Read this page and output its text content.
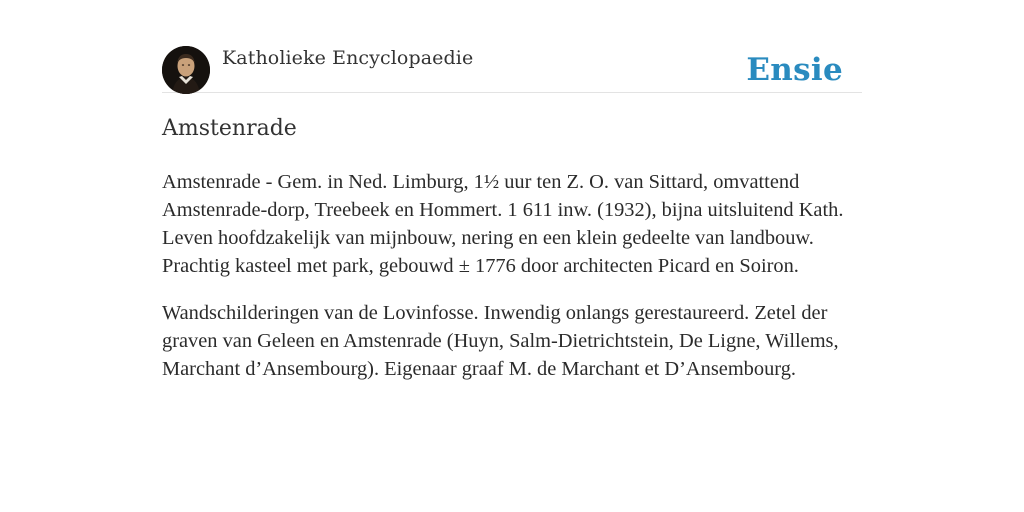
Katholieke Encyclopaedie	Ensie
Amstenrade

Amstenrade - Gem. in Ned. Limburg, 1½ uur ten Z. O. van Sittard, omvattend Amstenrade-dorp, Treebeek en Hommert. 1 611 inw. (1932), bijna uitsluitend Kath. Leven hoofdzakelijk van mijnbouw, nering en een klein gedeelte van landbouw. Prachtig kasteel met park, gebouwd ± 1776 door architecten Picard en Soiron.

Wandschilderingen van de Lovinfosse. Inwendig onlangs gerestaureerd. Zetel der graven van Geleen en Amstenrade (Huyn, Salm-Dietrichtstein, De Ligne, Willems, Marchant d’Ansembourg). Eigenaar graaf M. de Marchant et D’Ansembourg.
